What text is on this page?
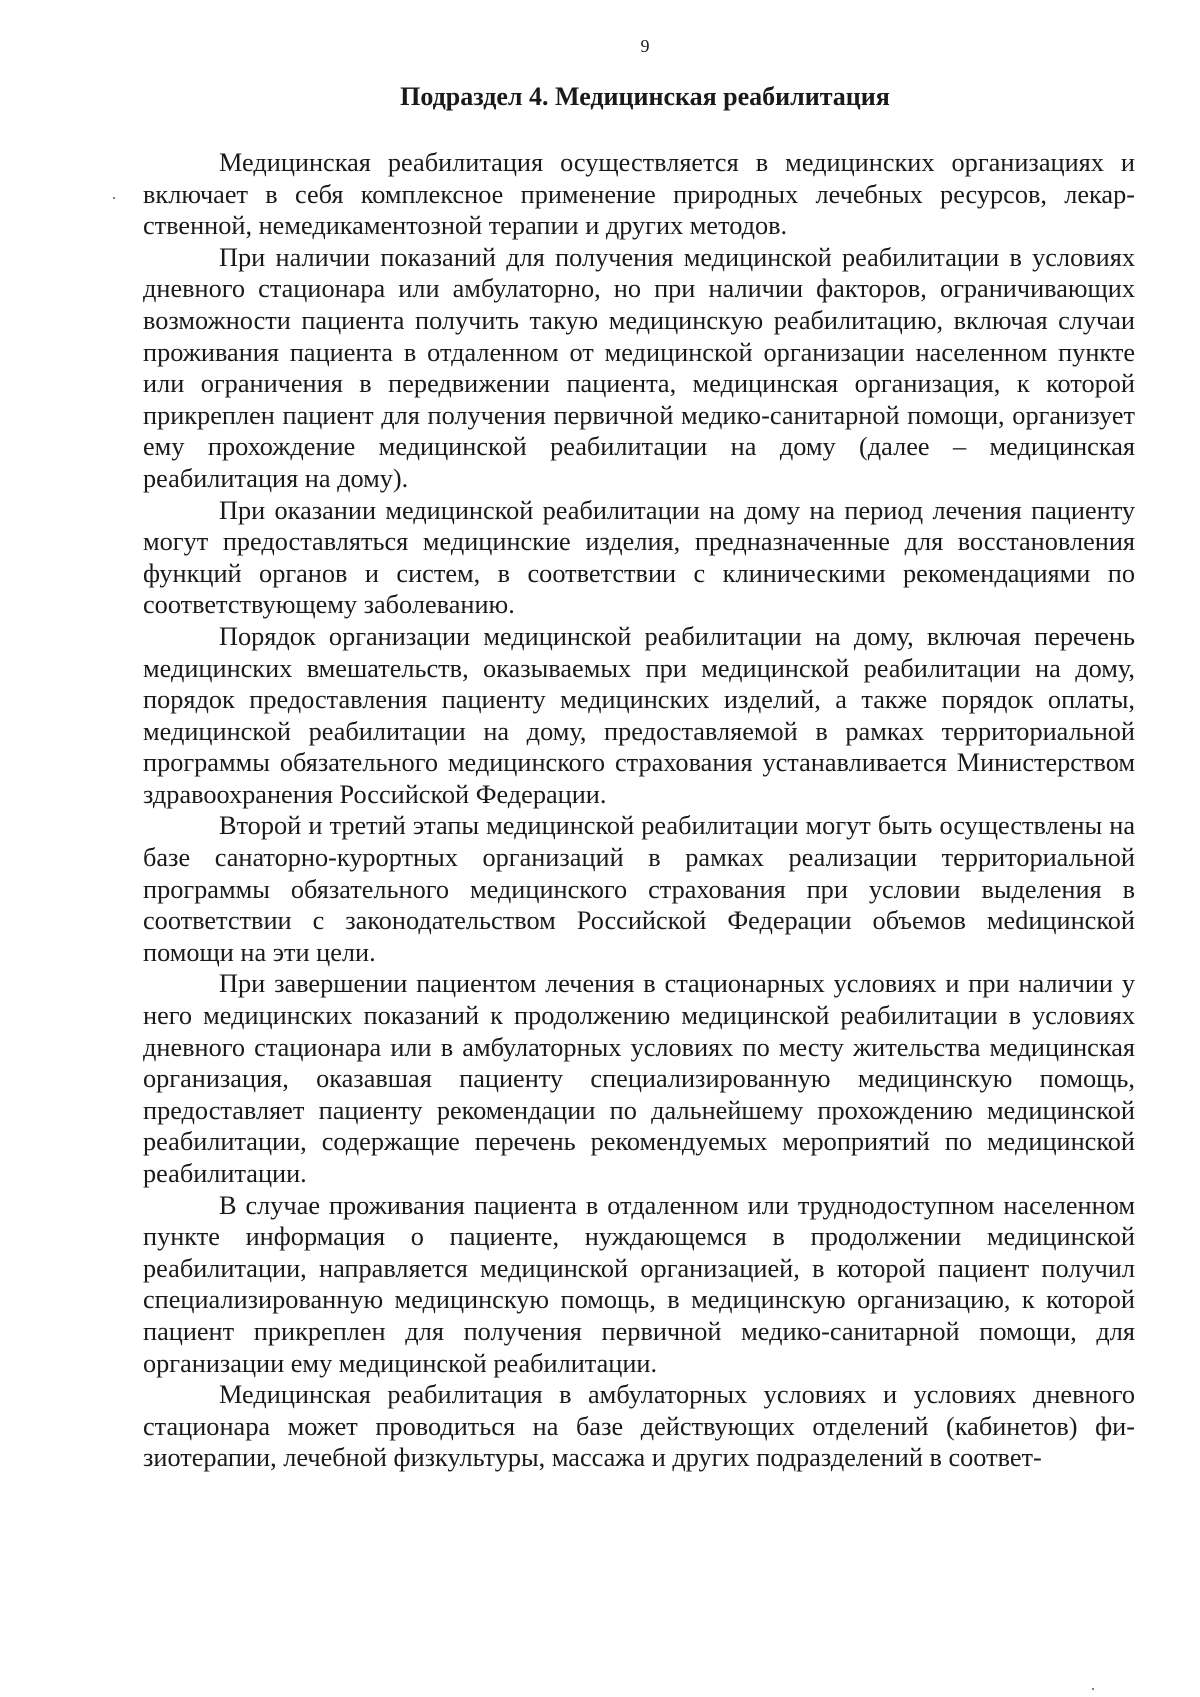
9
Подраздел 4. Медицинская реабилитация

Медицинская реабилитация осуществляется в медицинских организациях и включает в себя комплексное применение природных лечебных ресурсов, лекарственной, немедикаментозной терапии и других методов.

При наличии показаний для получения медицинской реабилитации в условиях дневного стационара или амбулаторно, но при наличии факторов, ограничивающих возможности пациента получить такую медицинскую реабилитацию, включая случаи проживания пациента в отдаленном от медицинской организации населенном пункте или ограничения в передвижении пациента, медицинская организация, к которой прикреплен пациент для получения первичной медико-санитарной помощи, организует ему прохождение медицинской реабилитации на дому (далее – медицинская реабилитация на дому).

При оказании медицинской реабилитации на дому на период лечения пациенту могут предоставляться медицинские изделия, предназначенные для восстановления функций органов и систем, в соответствии с клиническими рекомендациями по соответствующему заболеванию.

Порядок организации медицинской реабилитации на дому, включая перечень медицинских вмешательств, оказываемых при медицинской реабилитации на дому, порядок предоставления пациенту медицинских изделий, а также порядок оплаты, медицинской реабилитации на дому, предоставляемой в рамках территориальной программы обязательного медицинского страхования устанавливается Министерством здравоохранения Российской Федерации.

Второй и третий этапы медицинской реабилитации могут быть осуществлены на базе санаторно-курортных организаций в рамках реализации территориальной программы обязательного медицинского страхования при условии выделения в соответствии с законодательством Российской Федерации объемов меdицинской помощи на эти цели.

При завершении пациентом лечения в стационарных условиях и при наличии у него медицинских показаний к продолжению медицинской реабилитации в условиях дневного стационара или в амбулаторных условиях по месту жительства медицинская организация, оказавшая пациенту специализированную медицинскую помощь, предоставляет пациенту рекомендации по дальнейшему прохождению медицинской реабилитации, содержащие перечень рекомендуемых мероприятий по медицинской реабилитации.

В случае проживания пациента в отдаленном или труднодоступном населенном пункте информация о пациенте, нуждающемся в продолжении медицинской реабилитации, направляется медицинской организацией, в которой пациент получил специализированную медицинскую помощь, в медицинскую организацию, к которой пациент прикреплен для получения первичной медико-санитарной помощи, для организации ему медицинской реабилитации.

Медицинская реабилитация в амбулаторных условиях и условиях дневного стационара может проводиться на базе действующих отделений (кабинетов) физиотерапии, лечебной физкультуры, массажа и других подразделений в соответ-
